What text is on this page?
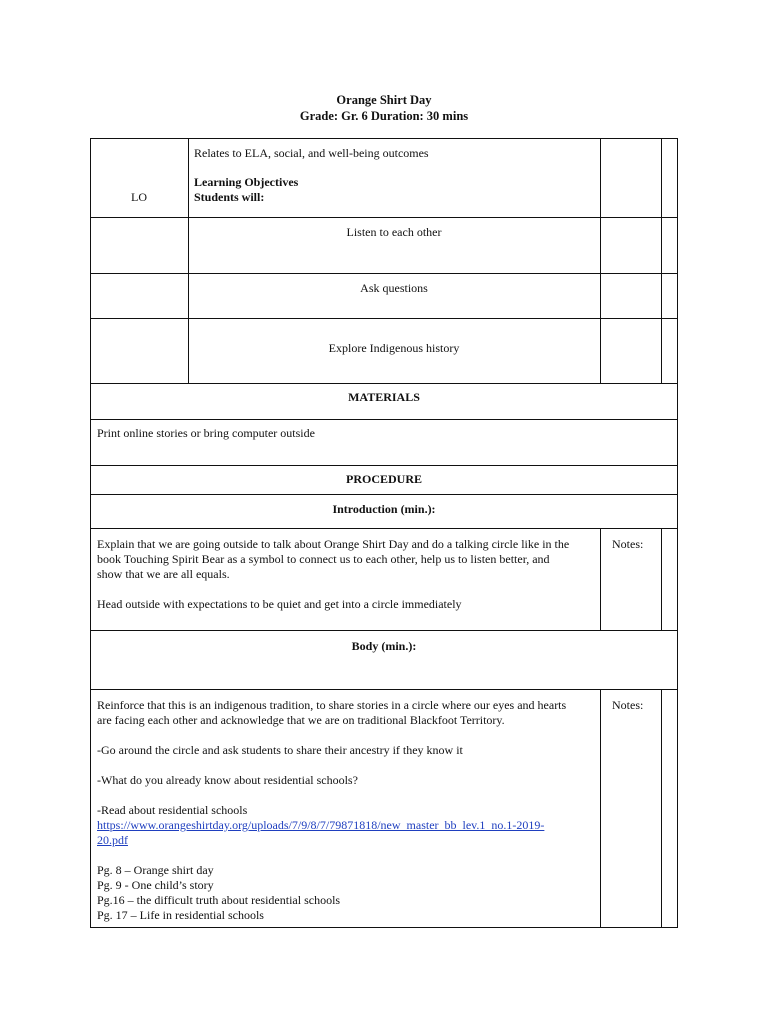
Orange Shirt Day
Grade: Gr. 6 Duration: 30 mins
LO
Relates to ELA, social, and well-being outcomes
Learning Objectives
Students will:
Listen to each other
Ask questions
Explore Indigenous history
MATERIALS
Print online stories or bring computer outside
PROCEDURE
Introduction (min.):

Explain that we are going outside to talk about Orange Shirt Day and do a talking circle like in the

book Touching Spirit Bear as a symbol to connect us to each other, help us to listen better, and

show that we are all equals.

Head outside with expectations to be quiet and get into a circle immediately

Notes:
Body (min.):

Reinforce that this is an indigenous tradition, to share stories in a circle where our eyes and hearts

are facing each other and acknowledge that we are on traditional Blackfoot Territory.

-Go around the circle and ask students to share their ancestry if they know it

-What do you already know about residential schools?

-Read about residential schools

https://www.orangeshirtday.org/uploads/7/9/8/7/79871818/new_master_bb_lev.1_no.1-2019-

20.pdf

Pg. 8 – Orange shirt day

Pg. 9 - One child’s story

Pg.16 – the difficult truth about residential schools

Pg. 17 – Life in residential schools

Notes:
